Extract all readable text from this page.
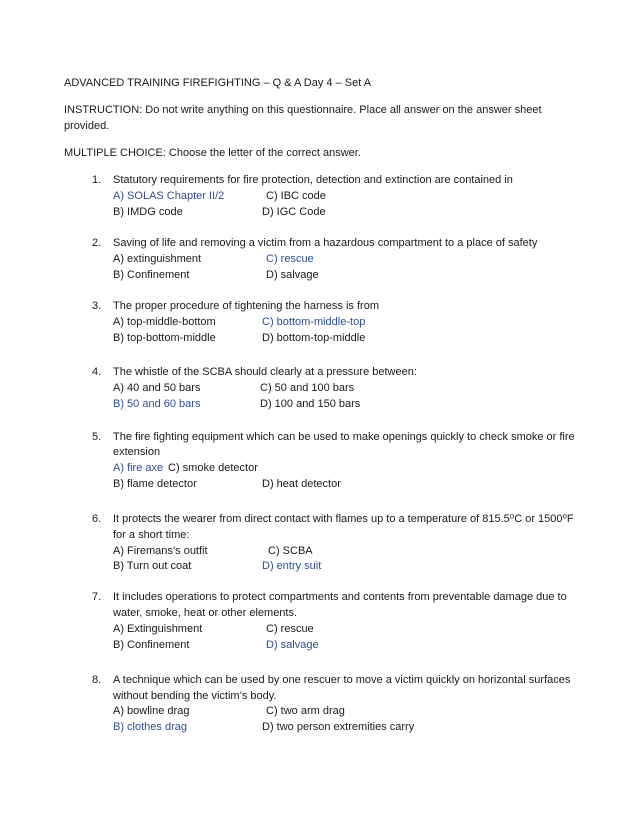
ADVANCED TRAINING FIREFIGHTING – Q & A Day 4 – Set A
INSTRUCTION: Do not write anything on this questionnaire. Place all answer on the answer sheet
provided.
MULTIPLE CHOICE: Choose the letter of the correct answer.
1. Statutory requirements for fire protection, detection and extinction are contained in
A) SOLAS Chapter II/2	C) IBC code
B) IMDG code	D) IGC Code
2. Saving of life and removing a victim from a hazardous compartment to a place of safety
A) extinguishment	C) rescue
B) Confinement	D) salvage
3. The proper procedure of tightening the harness is from
A) top-middle-bottom	C) bottom-middle-top
B) top-bottom-middle	D) bottom-top-middle
4. The whistle of the SCBA should clearly at a pressure between:
A) 40 and 50 bars	C) 50 and 100 bars
B) 50 and 60 bars	D) 100 and 150 bars
5. The fire fighting equipment which can be used to make openings quickly to check smoke or fire
extension
A) fire axe C) smoke detector
B) flame detector	D) heat detector
6. It protects the wearer from direct contact with flames up to a temperature of 815.5⁰C or 1500⁰F
for a short time:
A) Firemans’s outfit	C) SCBA
B) Turn out coat	D) entry suit
7. It includes operations to protect compartments and contents from preventable damage due to
water, smoke, heat or other elements.
A) Extinguishment	C) rescue
B) Confinement	D) salvage
8. A technique which can be used by one rescuer to move a victim quickly on horizontal surfaces
without bending the victim’s body.
A) bowline drag	C) two arm drag
B) clothes drag	D) two person extremities carry
